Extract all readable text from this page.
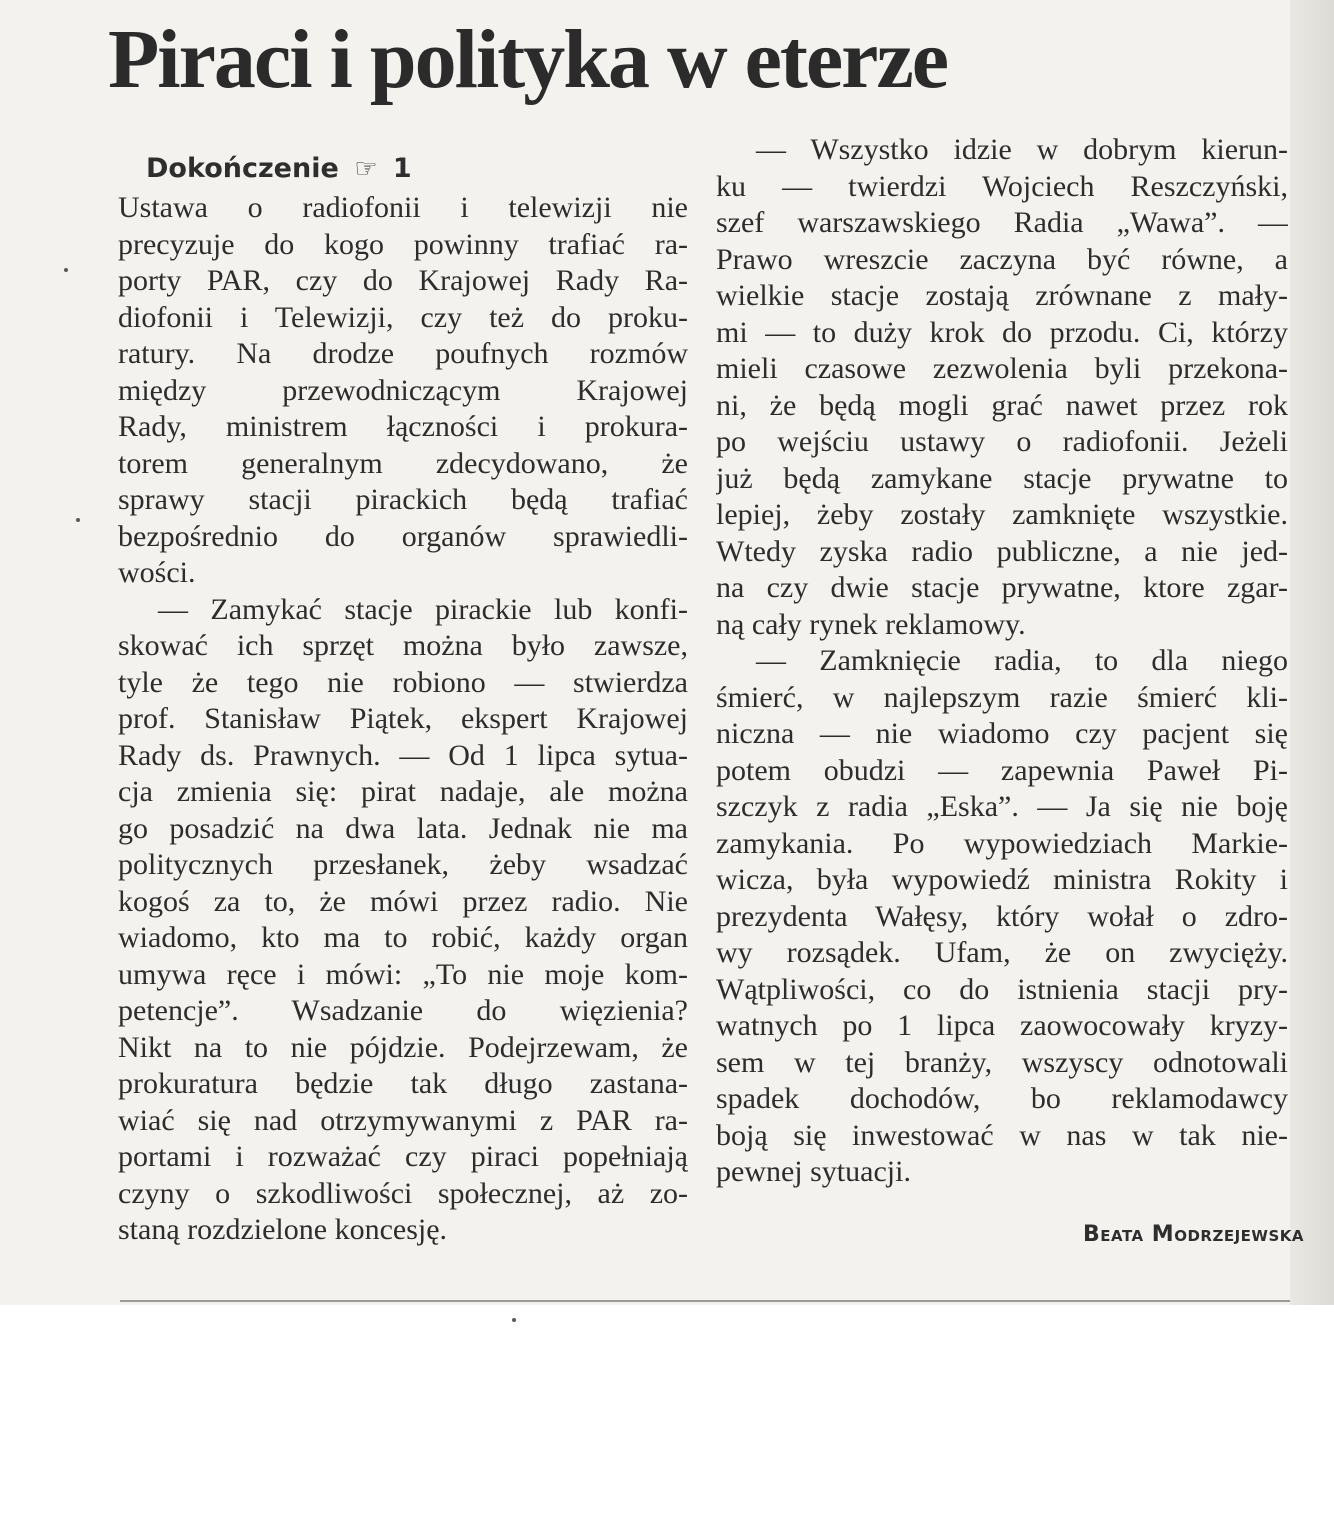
Piraci i polityka w eterze
Dokończenie ☞ 1
Ustawa o radiofonii i telewizji nie
precyzuje do kogo powinny trafiać ra-
porty PAR, czy do Krajowej Rady Ra-
diofonii i Telewizji, czy też do proku-
ratury. Na drodze poufnych rozmów
między przewodniczącym Krajowej
Rady, ministrem łączności i prokura-
torem generalnym zdecydowano, że
sprawy stacji pirackich będą trafiać
bezpośrednio do organów sprawiedli-
wości.
— Zamykać stacje pirackie lub konfi-
skować ich sprzęt można było zawsze,
tyle że tego nie robiono — stwierdza
prof. Stanisław Piątek, ekspert Krajowej
Rady ds. Prawnych. — Od 1 lipca sytua-
cja zmienia się: pirat nadaje, ale można
go posadzić na dwa lata. Jednak nie ma
politycznych przesłanek, żeby wsadzać
kogoś za to, że mówi przez radio. Nie
wiadomo, kto ma to robić, każdy organ
umywa ręce i mówi: „To nie moje kom-
petencje”. Wsadzanie do więzienia?
Nikt na to nie pójdzie. Podejrzewam, że
prokuratura będzie tak długo zastana-
wiać się nad otrzymywanymi z PAR ra-
portami i rozważać czy piraci popełniają
czyny o szkodliwości społecznej, aż zo-
staną rozdzielone koncesję.
— Wszystko idzie w dobrym kierun-
ku — twierdzi Wojciech Reszczyński,
szef warszawskiego Radia „Wawa”. —
Prawo wreszcie zaczyna być równe, a
wielkie stacje zostają zrównane z mały-
mi — to duży krok do przodu. Ci, którzy
mieli czasowe zezwolenia byli przekona-
ni, że będą mogli grać nawet przez rok
po wejściu ustawy o radiofonii. Jeżeli
już będą zamykane stacje prywatne to
lepiej, żeby zostały zamknięte wszystkie.
Wtedy zyska radio publiczne, a nie jed-
na czy dwie stacje prywatne, ktore zgar-
ną cały rynek reklamowy.
— Zamknięcie radia, to dla niego
śmierć, w najlepszym razie śmierć kli-
niczna — nie wiadomo czy pacjent się
potem obudzi — zapewnia Paweł Pi-
szczyk z radia „Eska”. — Ja się nie boję
zamykania. Po wypowiedziach Markie-
wicza, była wypowiedź ministra Rokity i
prezydenta Wałęsy, który wołał o zdro-
wy rozsądek. Ufam, że on zwycięży.
Wątpliwości, co do istnienia stacji pry-
watnych po 1 lipca zaowocowały kryzy-
sem w tej branży, wszyscy odnotowali
spadek dochodów, bo reklamodawcy
boją się inwestować w nas w tak nie-
pewnej sytuacji.
Beata Modrzejewska
